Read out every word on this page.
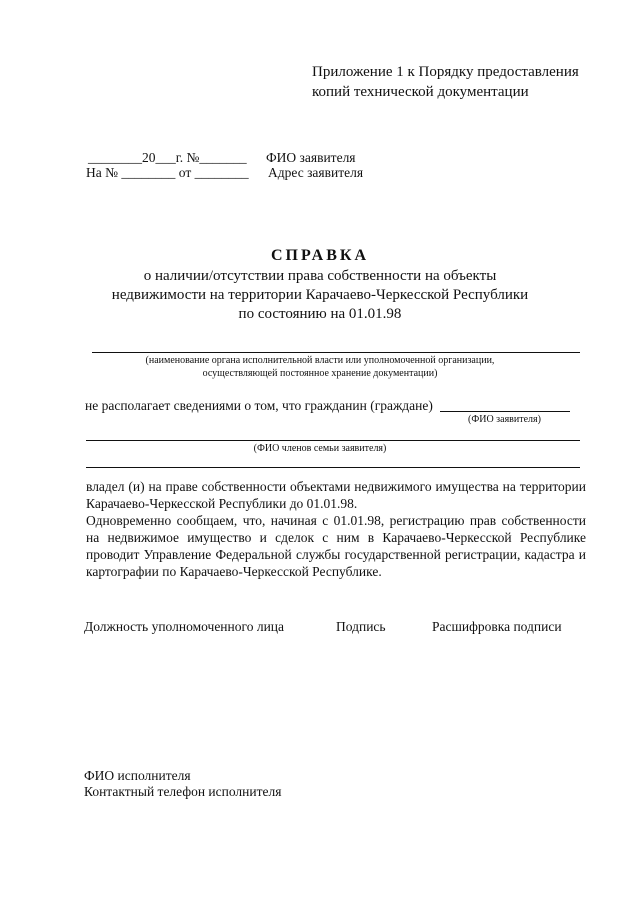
Приложение 1 к Порядку предоставления
копий технической документации
________20___г. №_______ ФИО заявителя
На № ________ от ________ Адрес заявителя
СПРАВКА
о наличии/отсутствии права собственности на объекты
недвижимости на территории Карачаево-Черкесской Республики
по состоянию на 01.01.98
(наименование органа исполнительной власти или уполномоченной организации,
осуществляющей постоянное хранение документации)
не располагает сведениями о том, что гражданин (граждане)
(ФИО заявителя)
(ФИО членов семьи заявителя)

владел (и) на праве собственности объектами недвижимого имущества на территории Карачаево-Черкесской Республики до 01.01.98.

Одновременно сообщаем, что, начиная с 01.01.98, регистрацию прав собственности на недвижимое имущество и сделок с ним в Карачаево-Черкесской Республике проводит Управление Федеральной службы государственной регистрации, кадастра и картографии по Карачаево-Черкесской Республике.

Должность уполномоченного лица	Подпись	Расшифровка подписи
ФИО исполнителя
Контактный телефон исполнителя
